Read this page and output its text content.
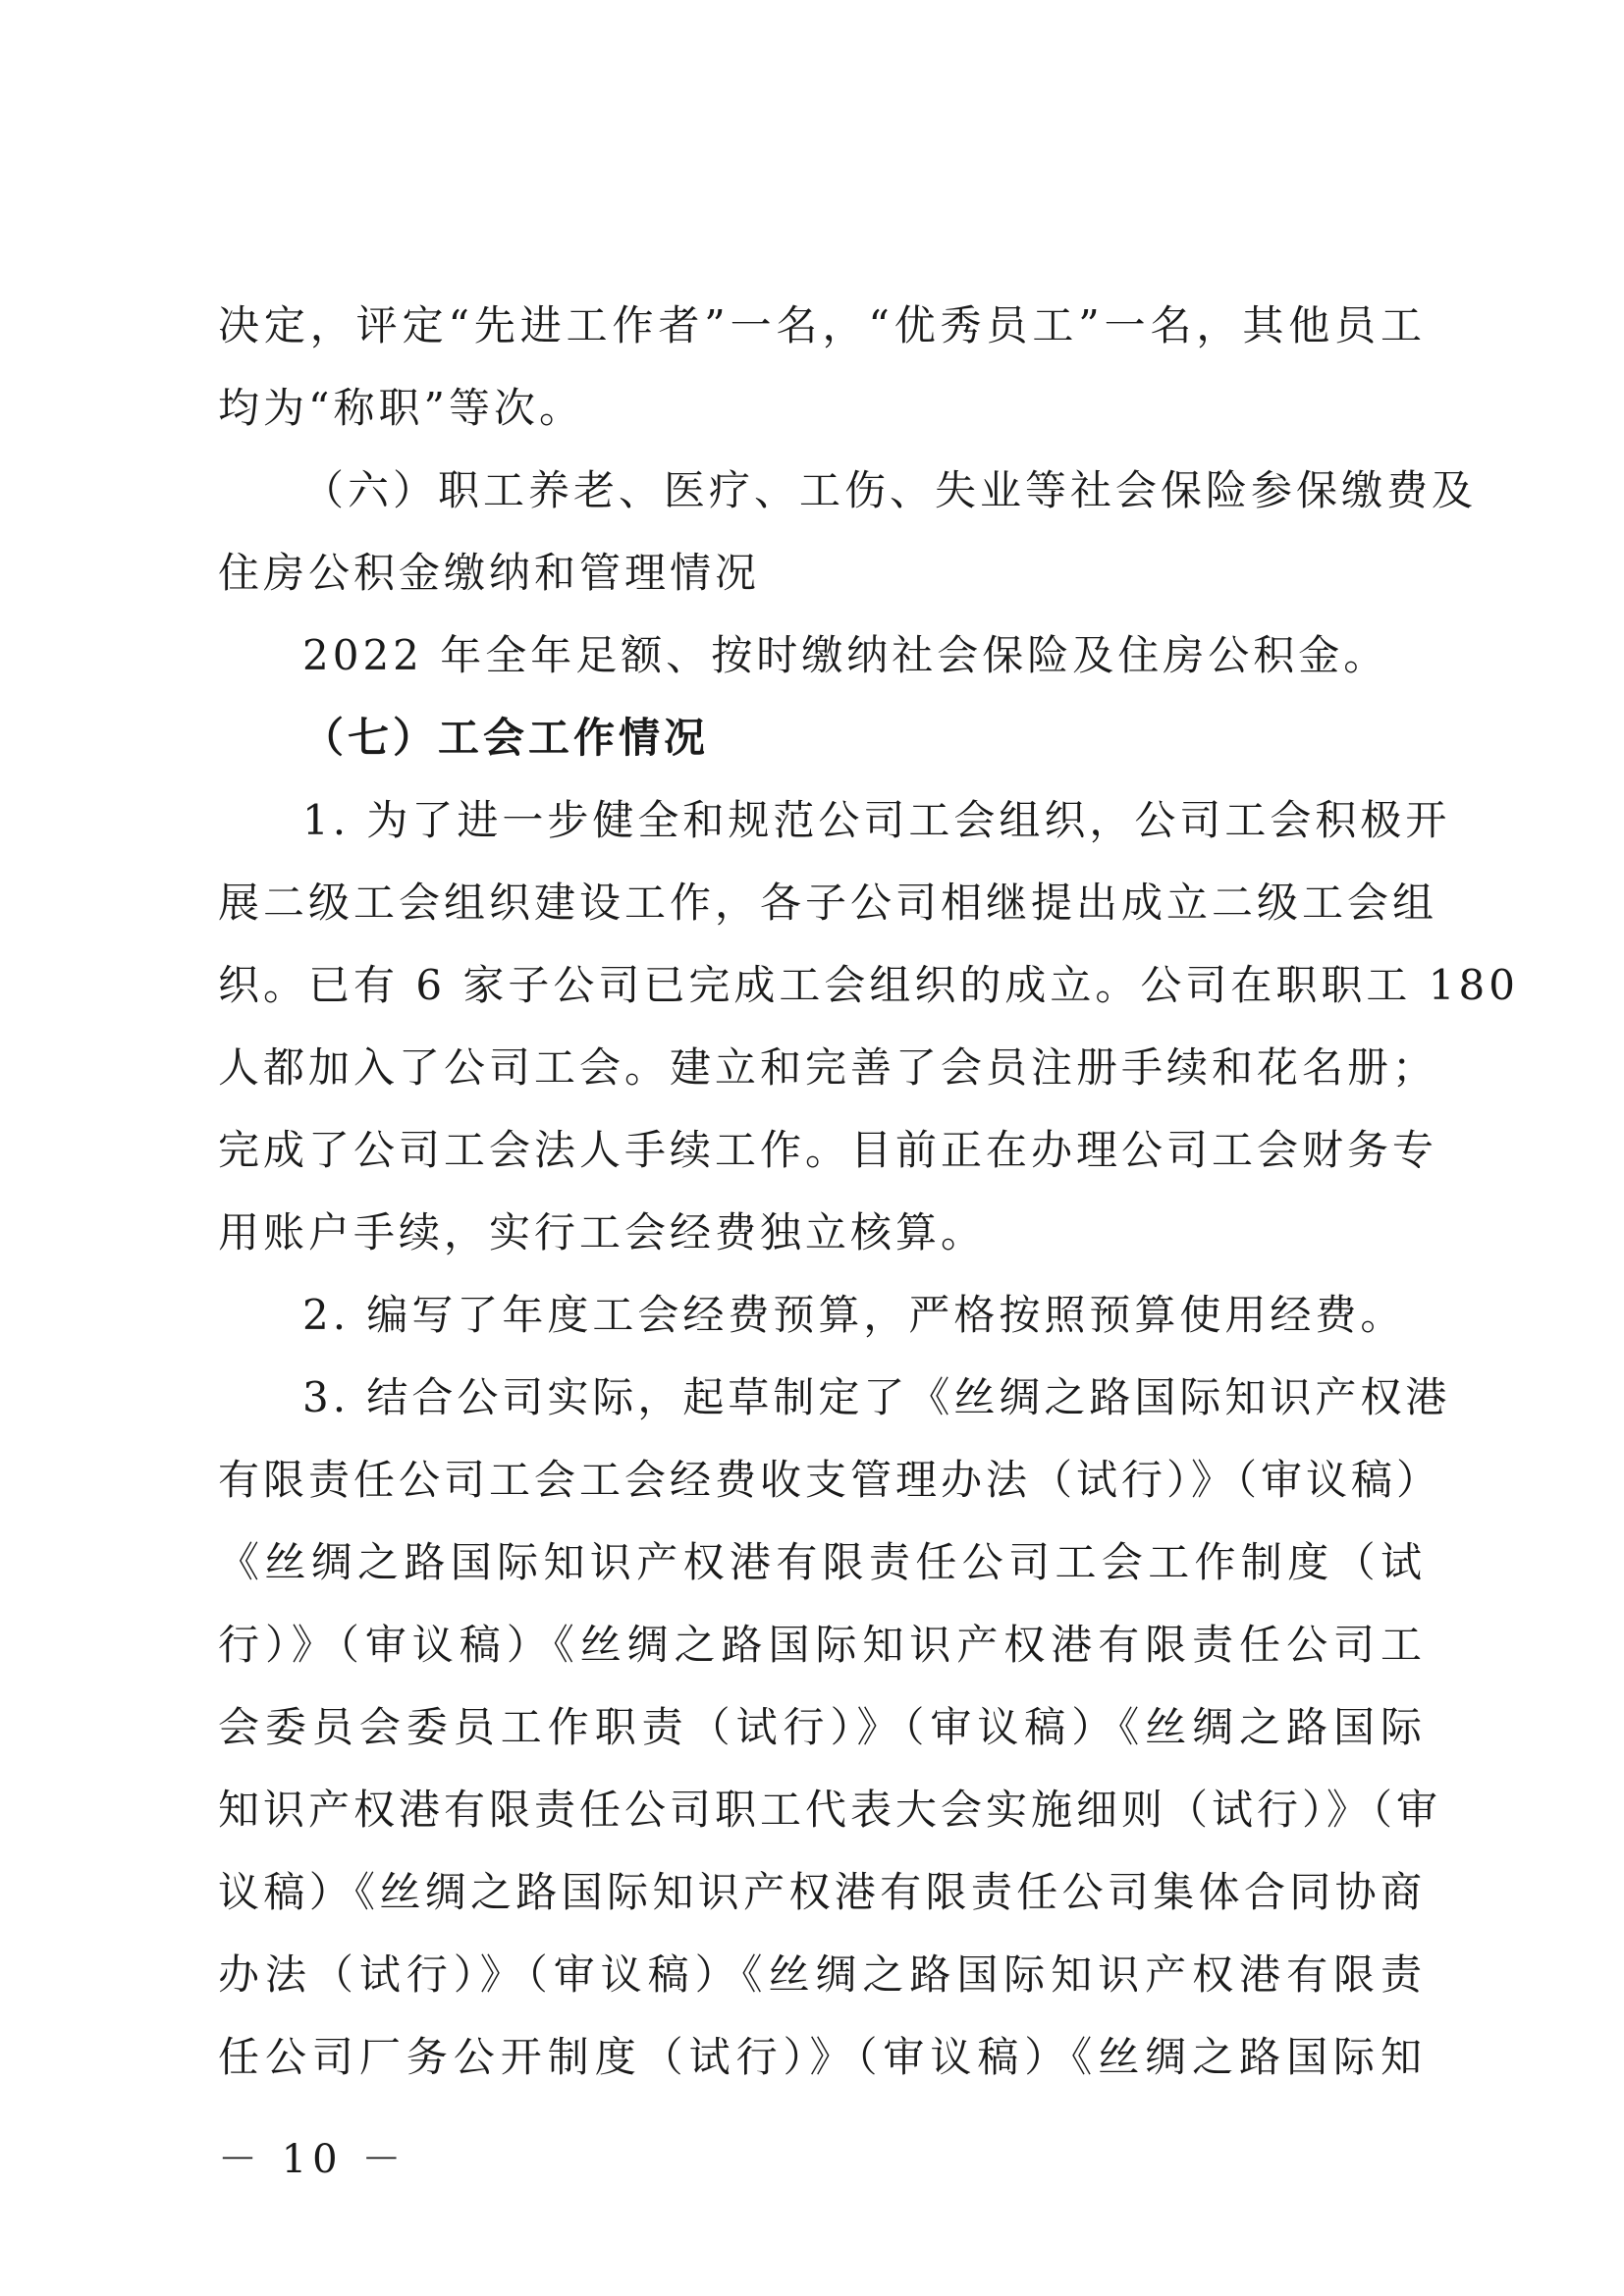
决定，评定“先进工作者”一名，“优秀员工”一名，其他员工
均为“称职”等次。
（六）职工养老、医疗、工伤、失业等社会保险参保缴费及
住房公积金缴纳和管理情况
2022 年全年足额、按时缴纳社会保险及住房公积金。
（七）工会工作情况
1. 为了进一步健全和规范公司工会组织，公司工会积极开
展二级工会组织建设工作，各子公司相继提出成立二级工会组
织。已有 6 家子公司已完成工会组织的成立。公司在职职工 180
人都加入了公司工会。建立和完善了会员注册手续和花名册；
完成了公司工会法人手续工作。目前正在办理公司工会财务专
用账户手续，实行工会经费独立核算。
2. 编写了年度工会经费预算，严格按照预算使用经费。
3. 结合公司实际，起草制定了《丝绸之路国际知识产权港
有限责任公司工会工会经费收支管理办法（试行）》（审议稿）
《丝绸之路国际知识产权港有限责任公司工会工作制度（试
行）》（审议稿）《丝绸之路国际知识产权港有限责任公司工
会委员会委员工作职责（试行）》（审议稿）《丝绸之路国际
知识产权港有限责任公司职工代表大会实施细则（试行）》（审
议稿）《丝绸之路国际知识产权港有限责任公司集体合同协商
办法（试行）》（审议稿）《丝绸之路国际知识产权港有限责
任公司厂务公开制度（试行）》（审议稿）《丝绸之路国际知
－ 10 －
